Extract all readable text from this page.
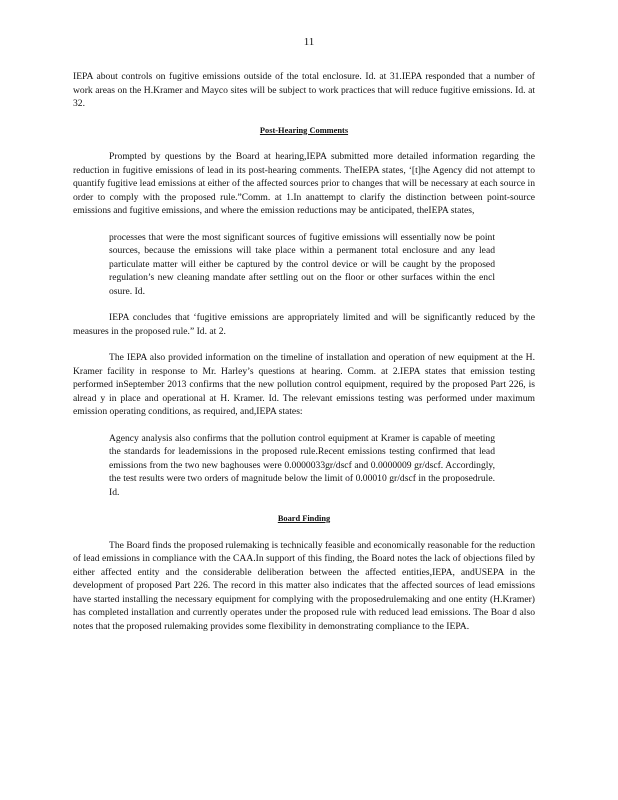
11

IEPA about controls on fugitive emissions outside of the total enclosure. Id. at 31.IEPA responded that a number of work areas on the H.Kramer and Mayco sites will be subject to work practices that will reduce fugitive emissions. Id. at 32.

Post-Hearing Comments

Prompted by questions by the Board at hearing,IEPA submitted more detailed information regarding the reduction in fugitive emissions of lead in its post-hearing comments. TheIEPA states, ‘[t]he Agency did not attempt to quantify fugitive lead emissions at either of the affected sources prior to changes that will be necessary at each source in order to comply with the proposed rule.”Comm. at 1.In anattempt to clarify the distinction between point-source emissions and fugitive emissions, and where the emission reductions may be anticipated, theIEPA states,

processes that were the most significant sources of fugitive emissions will essentially now be point sources, because the emissions will take place within a permanent total enclosure and any lead particulate matter will either be captured by the control device or will be caught by the proposed regulation’s new cleaning mandate after settling out on the floor or other surfaces within the encl osure. Id.

IEPA concludes that ‘fugitive emissions are appropriately limited and will be significantly reduced by the measures in the proposed rule.” Id. at 2.

The IEPA also provided information on the timeline of installation and operation of new equipment at the H. Kramer facility in response to Mr. Harley’s questions at hearing. Comm. at 2.IEPA states that emission testing performed inSeptember 2013 confirms that the new pollution control equipment, required by the proposed Part 226, is alread y in place and operational at H. Kramer. Id. The relevant emissions testing was performed under maximum emission operating conditions, as required, and,IEPA states:

Agency analysis also confirms that the pollution control equipment at Kramer is capable of meeting the standards for leademissions in the proposed rule.Recent emissions testing confirmed that lead emissions from the two new baghouses were 0.0000033gr/dscf and 0.0000009 gr/dscf. Accordingly, the test results were two orders of magnitude below the limit of 0.00010 gr/dscf in the proposedrule. Id.

Board Finding

The Board finds the proposed rulemaking is technically feasible and economically reasonable for the reduction of lead emissions in compliance with the CAA.In support of this finding, the Board notes the lack of objections filed by either affected entity and the considerable deliberation between the affected entities,IEPA, andUSEPA in the development of proposed Part 226. The record in this matter also indicates that the affected sources of lead emissions have started installing the necessary equipment for complying with the proposedrulemaking and one entity (H.Kramer) has completed installation and currently operates under the proposed rule with reduced lead emissions. The Boar d also notes that the proposed rulemaking provides some flexibility in demonstrating compliance to the IEPA.
